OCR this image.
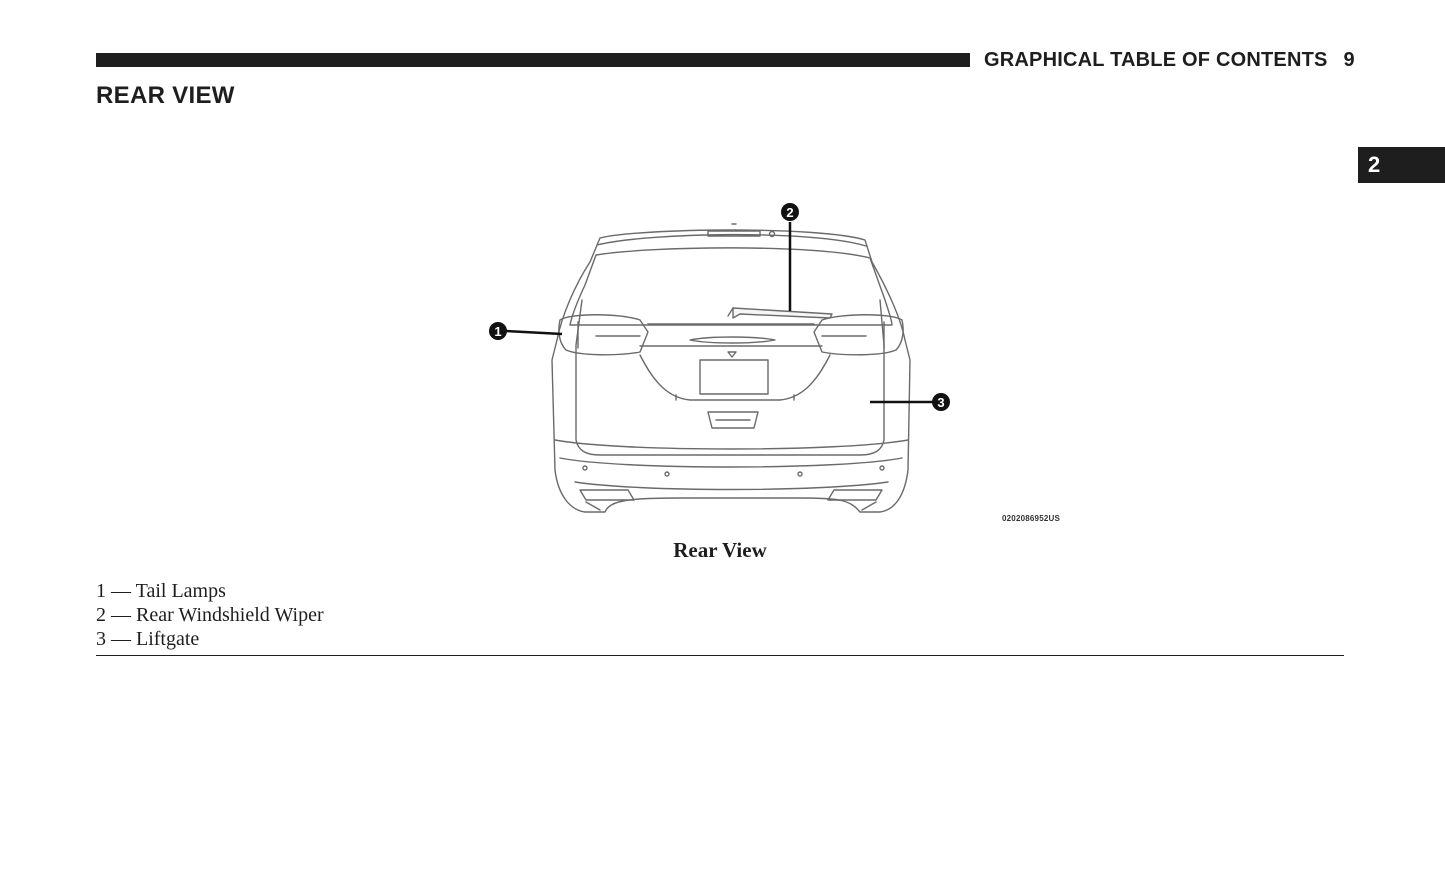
GRAPHICAL TABLE OF CONTENTS 9
REAR VIEW
2
1
2
3
0202086952US
Rear View
1 — Tail Lamps
2 — Rear Windshield Wiper
3 — Liftgate
